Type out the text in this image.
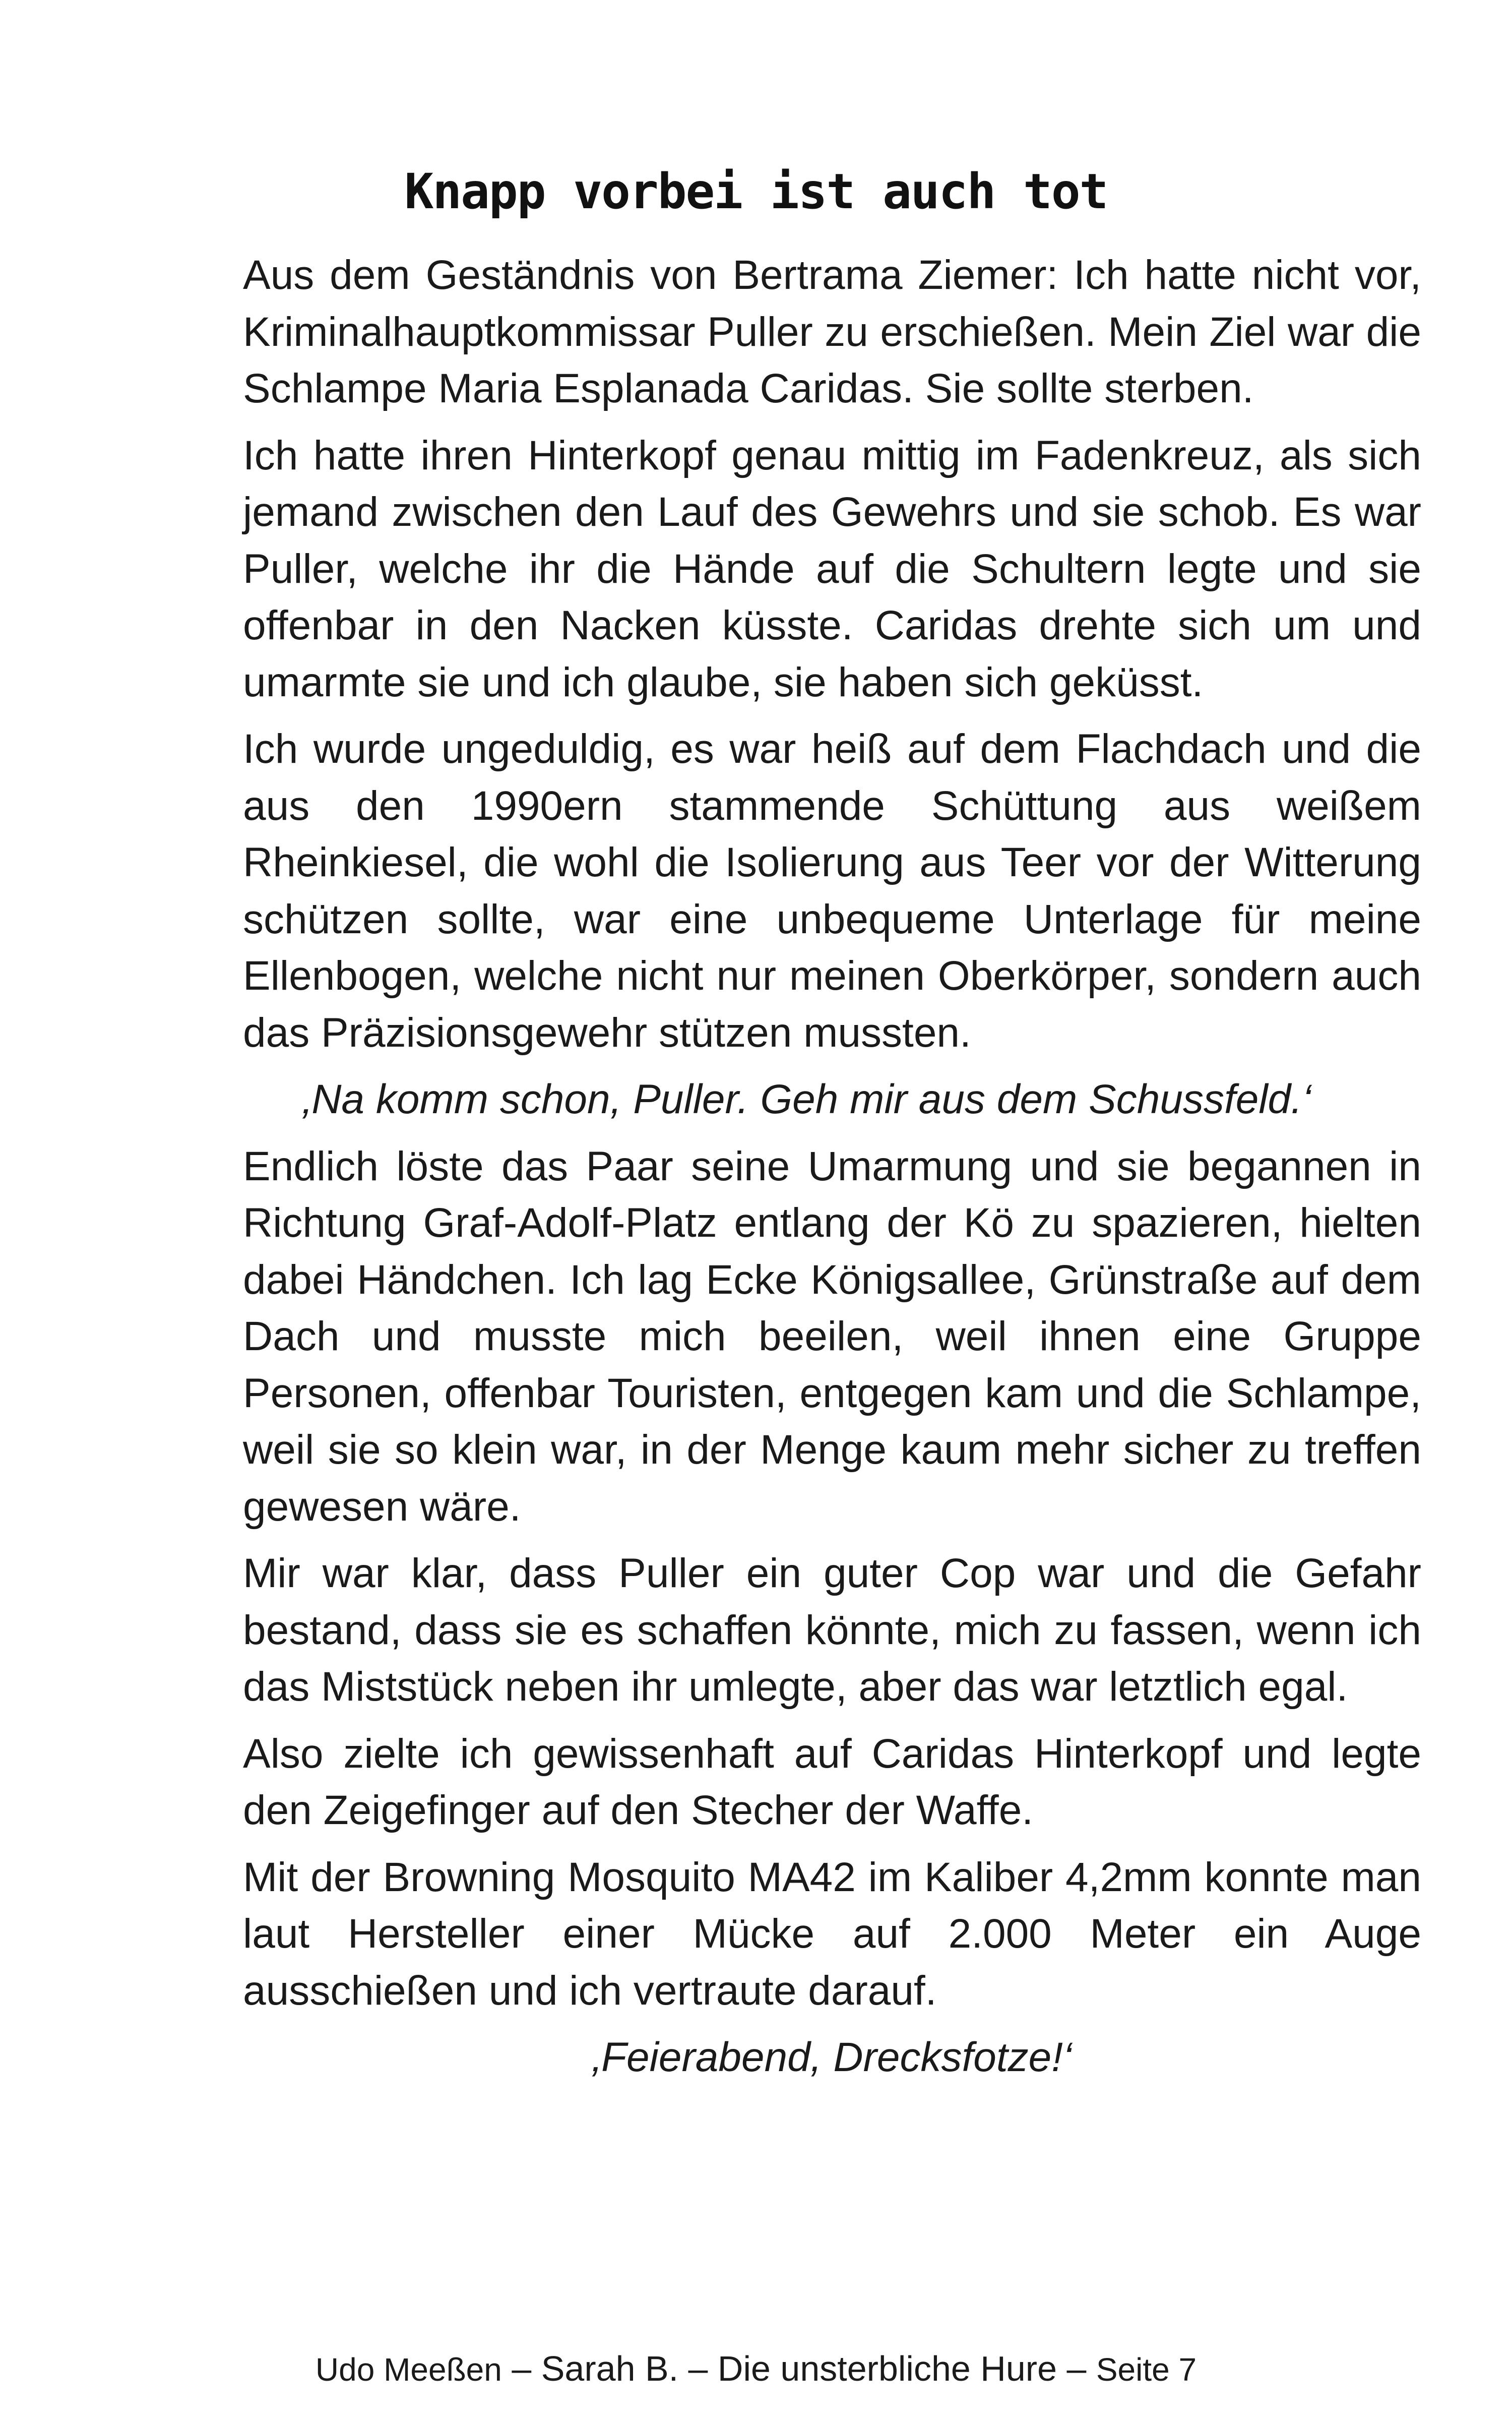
Knapp vorbei ist auch tot

Aus dem Geständnis von Bertrama Ziemer: Ich hatte nicht vor, Kriminalhauptkommissar Puller zu erschießen. Mein Ziel war die Schlampe Maria Esplanada Caridas. Sie sollte sterben.

Ich hatte ihren Hinterkopf genau mittig im Fadenkreuz, als sich jemand zwischen den Lauf des Gewehrs und sie schob. Es war Puller, welche ihr die Hände auf die Schultern legte und sie offenbar in den Nacken küsste. Caridas drehte sich um und umarmte sie und ich glaube, sie haben sich geküsst.

Ich wurde ungeduldig, es war heiß auf dem Flachdach und die aus den 1990ern stammende Schüttung aus weißem Rheinkiesel, die wohl die Isolierung aus Teer vor der Witterung schützen sollte, war eine unbequeme Unterlage für meine Ellenbogen, welche nicht nur meinen Oberkörper, sondern auch das Präzisionsgewehr stützen mussten.

‚Na komm schon, Puller. Geh mir aus dem Schussfeld.‘

Endlich löste das Paar seine Umarmung und sie begannen in Richtung Graf-Adolf-Platz entlang der Kö zu spazieren, hielten dabei Händchen. Ich lag Ecke Königsallee, Grünstraße auf dem Dach und musste mich beeilen, weil ihnen eine Gruppe Personen, offenbar Touristen, entgegen kam und die Schlampe, weil sie so klein war, in der Menge kaum mehr sicher zu treffen gewesen wäre.

Mir war klar, dass Puller ein guter Cop war und die Gefahr bestand, dass sie es schaffen könnte, mich zu fassen, wenn ich das Miststück neben ihr umlegte, aber das war letztlich egal.

Also zielte ich gewissenhaft auf Caridas Hinterkopf und legte den Zeigefinger auf den Stecher der Waffe.

Mit der Browning Mosquito MA42 im Kaliber 4,2mm konnte man laut Hersteller einer Mücke auf 2.000 Meter ein Auge ausschießen und ich vertraute darauf.

‚Feierabend, Drecksfotze!‘

Udo Meeßen – Sarah B. – Die unsterbliche Hure – Seite 7
